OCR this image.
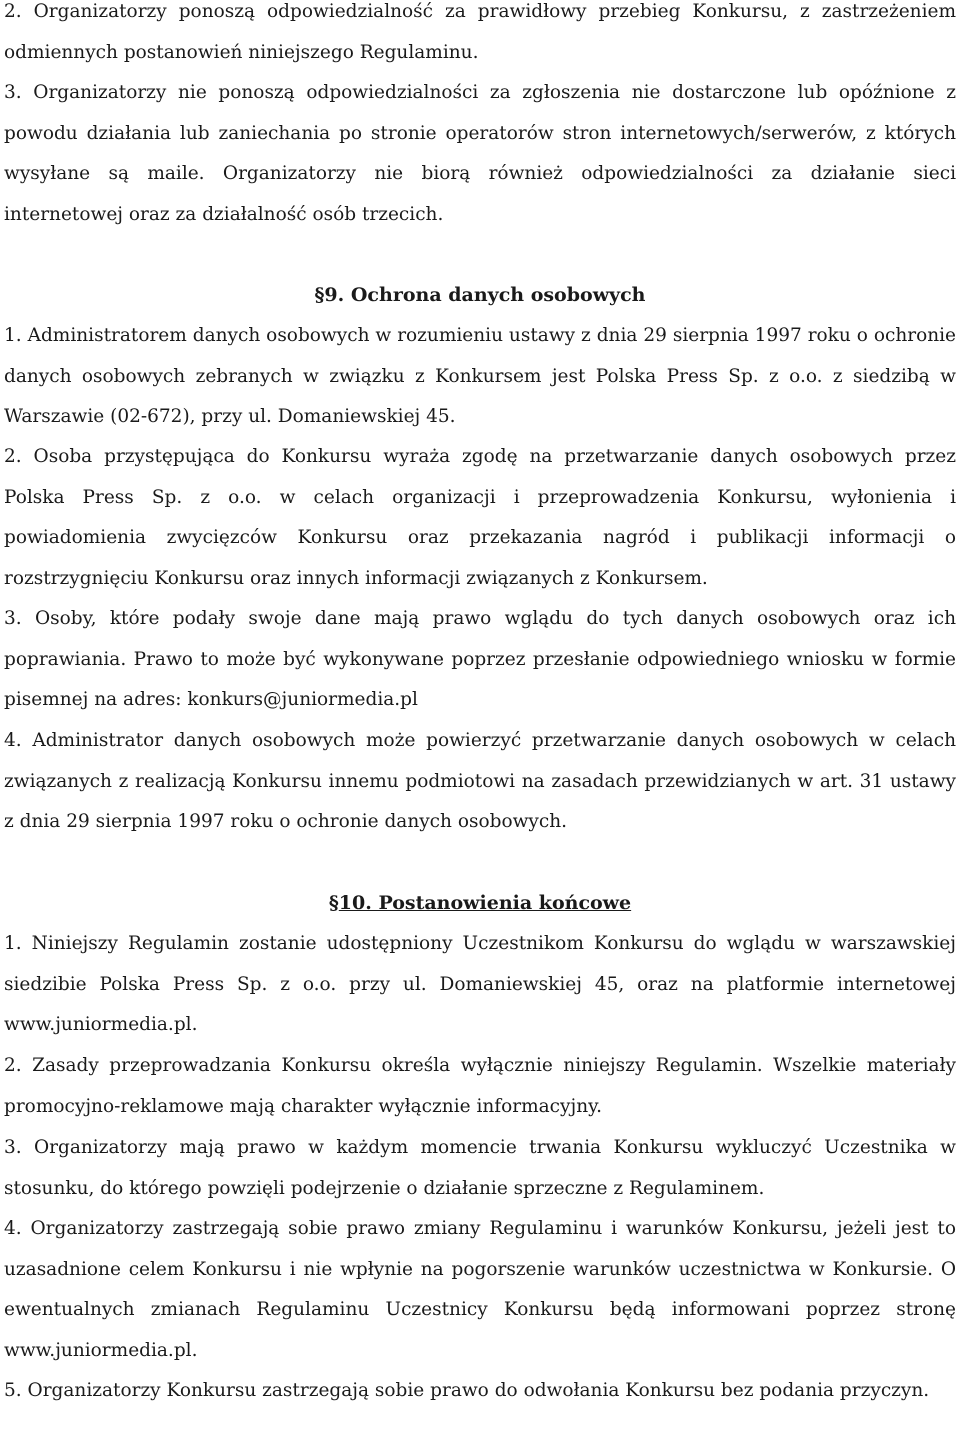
2. Organizatorzy ponoszą odpowiedzialność za prawidłowy przebieg Konkursu, z zastrzeżeniem odmiennych postanowień niniejszego Regulaminu.

3. Organizatorzy nie ponoszą odpowiedzialności za zgłoszenia nie dostarczone lub opóźnione z powodu działania lub zaniechania po stronie operatorów stron internetowych/serwerów, z których wysyłane są maile. Organizatorzy nie biorą również odpowiedzialności za działanie sieci internetowej oraz za działalność osób trzecich.

§9. Ochrona danych osobowych

1. Administratorem danych osobowych w rozumieniu ustawy z dnia 29 sierpnia 1997 roku o ochronie danych osobowych zebranych w związku z Konkursem jest Polska Press Sp. z o.o. z siedzibą w Warszawie (02-672), przy ul. Domaniewskiej 45.

2. Osoba przystępująca do Konkursu wyraża zgodę na przetwarzanie danych osobowych przez Polska Press Sp. z o.o. w celach organizacji i przeprowadzenia Konkursu, wyłonienia i powiadomienia zwycięzców Konkursu oraz przekazania nagród i publikacji informacji o rozstrzygnięciu Konkursu oraz innych informacji związanych z Konkursem.

3. Osoby, które podały swoje dane mają prawo wglądu do tych danych osobowych oraz ich poprawiania. Prawo to może być wykonywane poprzez przesłanie odpowiedniego wniosku w formie pisemnej na adres: konkurs@juniormedia.pl

4. Administrator danych osobowych może powierzyć przetwarzanie danych osobowych w celach związanych z realizacją Konkursu innemu podmiotowi na zasadach przewidzianych w art. 31 ustawy z dnia 29 sierpnia 1997 roku o ochronie danych osobowych.

§10. Postanowienia końcowe

1. Niniejszy Regulamin zostanie udostępniony Uczestnikom Konkursu do wglądu w warszawskiej siedzibie Polska Press Sp. z o.o. przy ul. Domaniewskiej 45, oraz na platformie internetowej www.juniormedia.pl.

2. Zasady przeprowadzania Konkursu określa wyłącznie niniejszy Regulamin. Wszelkie materiały promocyjno-reklamowe mają charakter wyłącznie informacyjny.

3. Organizatorzy mają prawo w każdym momencie trwania Konkursu wykluczyć Uczestnika w stosunku, do którego powzięli podejrzenie o działanie sprzeczne z Regulaminem.

4. Organizatorzy zastrzegają sobie prawo zmiany Regulaminu i warunków Konkursu, jeżeli jest to uzasadnione celem Konkursu i nie wpłynie na pogorszenie warunków uczestnictwa w Konkursie. O ewentualnych zmianach Regulaminu Uczestnicy Konkursu będą informowani poprzez stronę www.juniormedia.pl.

5. Organizatorzy Konkursu zastrzegają sobie prawo do odwołania Konkursu bez podania przyczyn.
